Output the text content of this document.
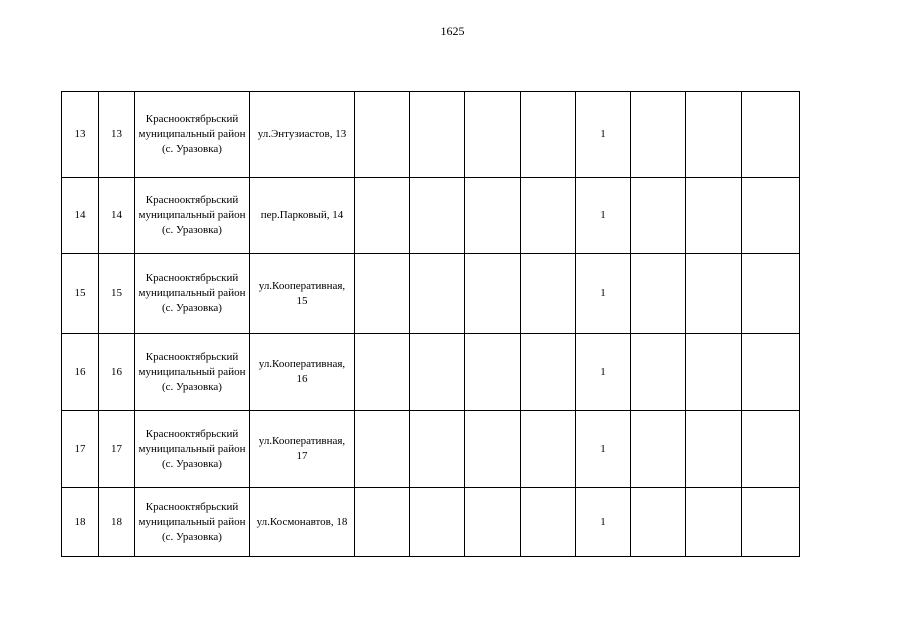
1625
13	13	Краснооктябрьский муниципальный район (с. Уразовка)	ул.Энтузиастов, 13					1			
14	14	Краснооктябрьский муниципальный район (с. Уразовка)	пер.Парковый, 14					1			
15	15	Краснооктябрьский муниципальный район (с. Уразовка)	ул.Кооперативная, 15					1			
16	16	Краснооктябрьский муниципальный район (с. Уразовка)	ул.Кооперативная, 16					1			
17	17	Краснооктябрьский муниципальный район (с. Уразовка)	ул.Кооперативная, 17					1			
18	18	Краснооктябрьский муниципальный район (с. Уразовка)	ул.Космонавтов, 18					1			
